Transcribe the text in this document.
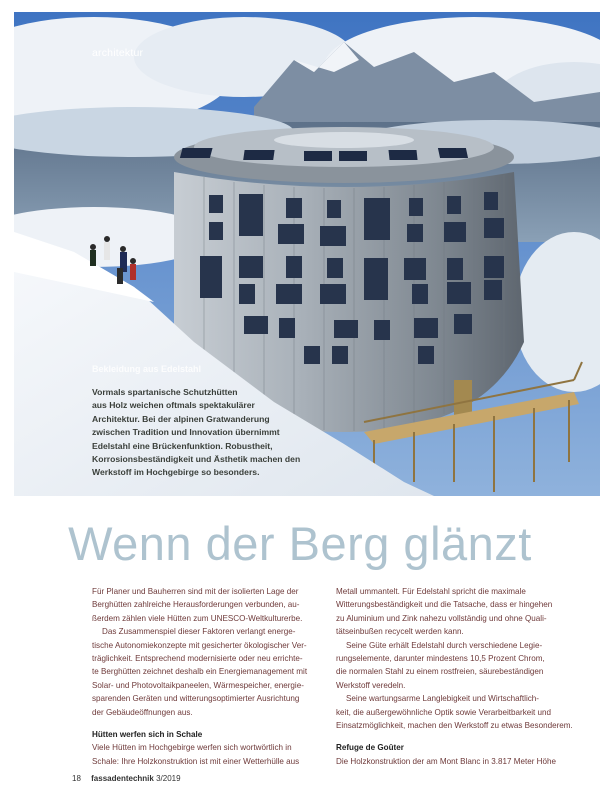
architektur
Bekleidung aus Edelstahl
Vormals spartanische Schutzhütten
aus Holz weichen oftmals spektakulärer
Architektur. Bei der alpinen Gratwanderung
zwischen Tradition und Innovation übernimmt
Edelstahl eine Brückenfunktion. Robustheit,
Korrosionsbeständigkeit und Ästhetik machen den
Werkstoff im Hochgebirge so besonders.
Wenn der Berg glänzt
Für Planer und Bauherren sind mit der isolierten Lage der
Berghütten zahlreiche Herausforderungen verbunden, au-
ßerdem zählen viele Hütten zum UNESCO-Weltkulturerbe.
Das Zusammenspiel dieser Faktoren verlangt energe-
tische Autonomiekonzepte mit gesicherter ökologischer Ver-
träglichkeit. Entsprechend modernisierte oder neu errichte-
te Berghütten zeichnet deshalb ein Energiemanagement mit
Solar- und Photovoltaikpaneelen, Wärmespeicher, energie-
sparenden Geräten und witterungsoptimierter Ausrichtung
der Gebäudeöffnungen aus.
Hütten werfen sich in Schale
Viele Hütten im Hochgebirge werfen sich wortwörtlich in
Schale: Ihre Holzkonstruktion ist mit einer Wetterhülle aus
Metall ummantelt. Für Edelstahl spricht die maximale
Witterungsbeständigkeit und die Tatsache, dass er hingehen
zu Aluminium und Zink nahezu vollständig und ohne Quali-
tätseinbußen recycelt werden kann.
Seine Güte erhält Edelstahl durch verschiedene Legie-
rungselemente, darunter mindestens 10,5 Prozent Chrom,
die normalen Stahl zu einem rostfreien, säurebeständigen
Werkstoff veredeln.
Seine wartungsarme Langlebigkeit und Wirtschaftlich-
keit, die außergewöhnliche Optik sowie Verarbeitbarkeit und
Einsatzmöglichkeit, machen den Werkstoff zu etwas Besonderem.
Refuge de Goûter
Die Holzkonstruktion der am Mont Blanc in 3.817 Meter Höhe
18 fassadentechnik 3/2019
